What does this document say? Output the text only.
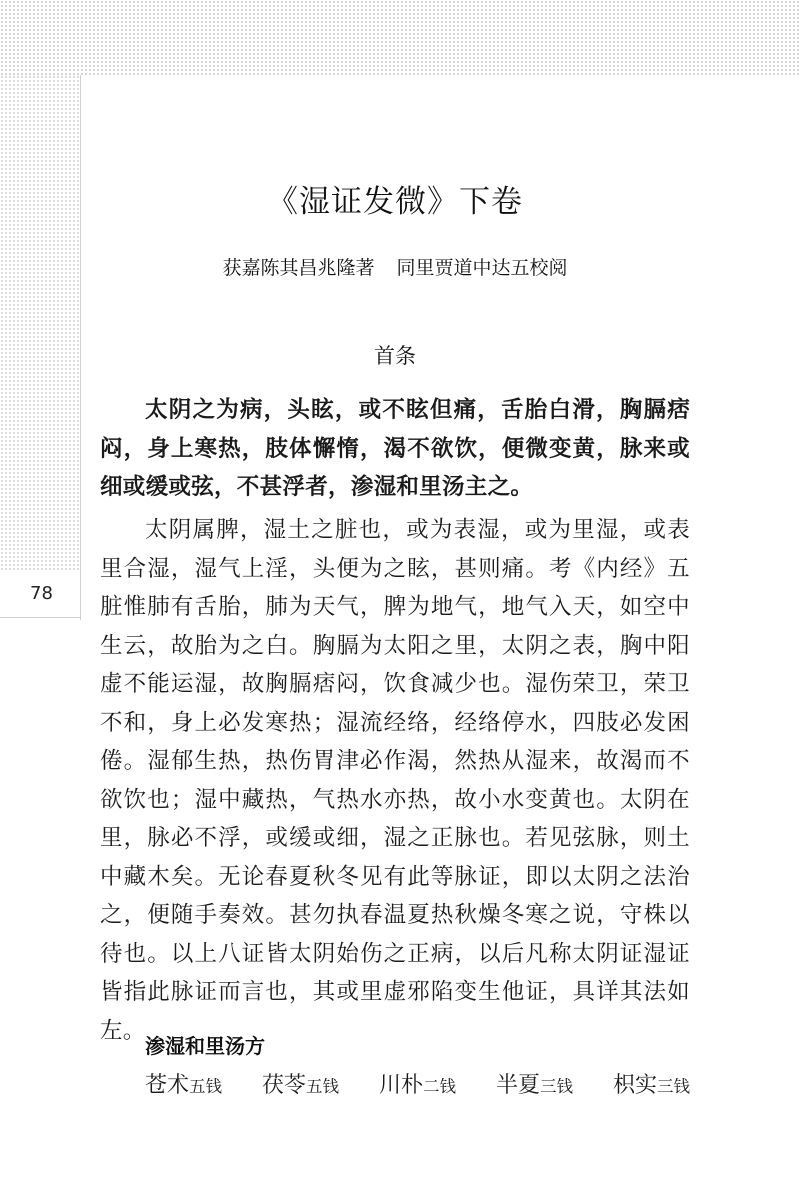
78
《湿证发微》下卷
获嘉陈其昌兆隆著 同里贾道中达五校阅
首条

太阴之为病，头眩，或不眩但痛，舌胎白滑，胸膈痞闷，身上寒热，肢体懈惰，渴不欲饮，便微变黄，脉来或细或缓或弦，不甚浮者，渗湿和里汤主之。

太阴属脾，湿土之脏也，或为表湿，或为里湿，或表里合湿，湿气上淫，头便为之眩，甚则痛。考《内经》五脏惟肺有舌胎，肺为天气，脾为地气，地气入天，如空中生云，故胎为之白。胸膈为太阳之里，太阴之表，胸中阳虚不能运湿，故胸膈痞闷，饮食减少也。湿伤荣卫，荣卫不和，身上必发寒热；湿流经络，经络停水，四肢必发困倦。湿郁生热，热伤胃津必作渴，然热从湿来，故渴而不欲饮也；湿中藏热，气热水亦热，故小水变黄也。太阴在里，脉必不浮，或缓或细，湿之正脉也。若见弦脉，则土中藏木矣。无论春夏秋冬见有此等脉证，即以太阴之法治之，便随手奏效。甚勿执春温夏热秋燥冬寒之说，守株以待也。以上八证皆太阴始伤之正病，以后凡称太阴证湿证皆指此脉证而言也，其或里虚邪陷变生他证，具详其法如左。

渗湿和里汤方
苍术五钱 茯苓五钱 川朴二钱 半夏三钱 枳实三钱
